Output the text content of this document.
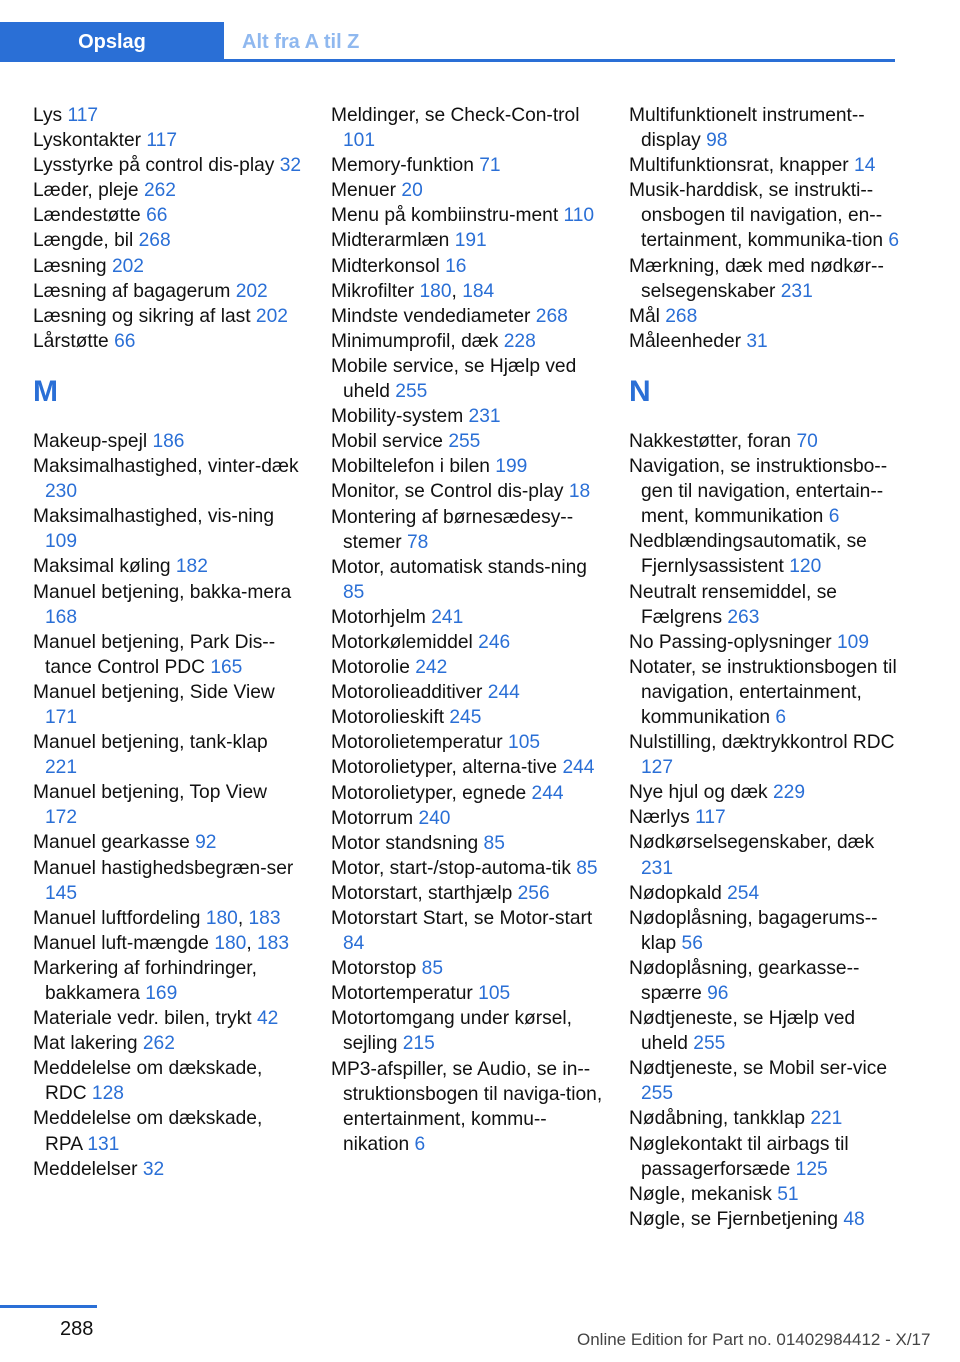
Opslag	Alt fra A til Z
Lys 117
Lyskontakter 117
Lysstyrke på control dis-play 32
Læder, pleje 262
Lændestøtte 66
Længde, bil 268
Læsning 202
Læsning af bagagerum 202
Læsning og sikring af last 202
Lårstøtte 66
M
Makeup-spejl 186
Maksimalhastighed, vinter-dæk 230
Maksimalhastighed, vis-ning 109
Maksimal køling 182
Manuel betjening, bakka-mera 168
Manuel betjening, Park Dis-tance Control PDC 165
Manuel betjening, Side View 171
Manuel betjening, tank-klap 221
Manuel betjening, Top View 172
Manuel gearkasse 92
Manuel hastighedsbegræn-ser 145
Manuel luftfordeling 180, 183
Manuel luft-mængde 180, 183
Markering af forhindringer, bakkamera 169
Materiale vedr. bilen, trykt 42
Mat lakering 262
Meddelelse om dækskade, RDC 128
Meddelelse om dækskade, RPA 131
Meddelelser 32
Meldinger, se Check-Con-trol 101
Memory-funktion 71
Menuer 20
Menu på kombiinstru-ment 110
Midterarmlæn 191
Midterkonsol 16
Mikrofilter 180, 184
Mindste vendediameter 268
Minimumprofil, dæk 228
Mobile service, se Hjælp ved uheld 255
Mobility-system 231
Mobil service 255
Mobiltelefon i bilen 199
Monitor, se Control dis-play 18
Montering af børnesædesy-stemer 78
Motor, automatisk stands-ning 85
Motorhjelm 241
Motorkølemiddel 246
Motorolie 242
Motorolieadditiver 244
Motorolieskift 245
Motorolietemperatur 105
Motorolietyper, alterna-tive 244
Motorolietyper, egnede 244
Motorrum 240
Motor standsning 85
Motor, start-/stop-automa-tik 85
Motorstart, starthjælp 256
Motorstart Start, se Motor-start 84
Motorstop 85
Motortemperatur 105
Motortomgang under kørsel, sejling 215
MP3-afspiller, se Audio, se in-struktionsbogen til naviga-tion, entertainment, kommu-nikation 6
Multifunktionelt instrument-display 98
Multifunktionsrat, knapper 14
Musik-harddisk, se instrukti-onsbogen til navigation, en-tertainment, kommunika-tion 6
Mærkning, dæk med nødkør-selsegenskaber 231
Mål 268
Måleenheder 31
N
Nakkestøtter, foran 70
Navigation, se instruktionsbo-gen til navigation, entertain-ment, kommunikation 6
Nedblændingsautomatik, se Fjernlysassistent 120
Neutralt rensemiddel, se Fælgrens 263
No Passing-oplysninger 109
Notater, se instruktionsbogen til navigation, entertainment, kommunikation 6
Nulstilling, dæktrykkontrol RDC 127
Nye hjul og dæk 229
Nærlys 117
Nødkørselsegenskaber, dæk 231
Nødopkald 254
Nødoplåsning, bagagerums-klap 56
Nødoplåsning, gearkasse-spærre 96
Nødtjeneste, se Hjælp ved uheld 255
Nødtjeneste, se Mobil ser-vice 255
Nødåbning, tankklap 221
Nøglekontakt til airbags til passagerforsæde 125
Nøgle, mekanisk 51
Nøgle, se Fjernbetjening 48
288	Online Edition for Part no. 01402984412 - X/17
